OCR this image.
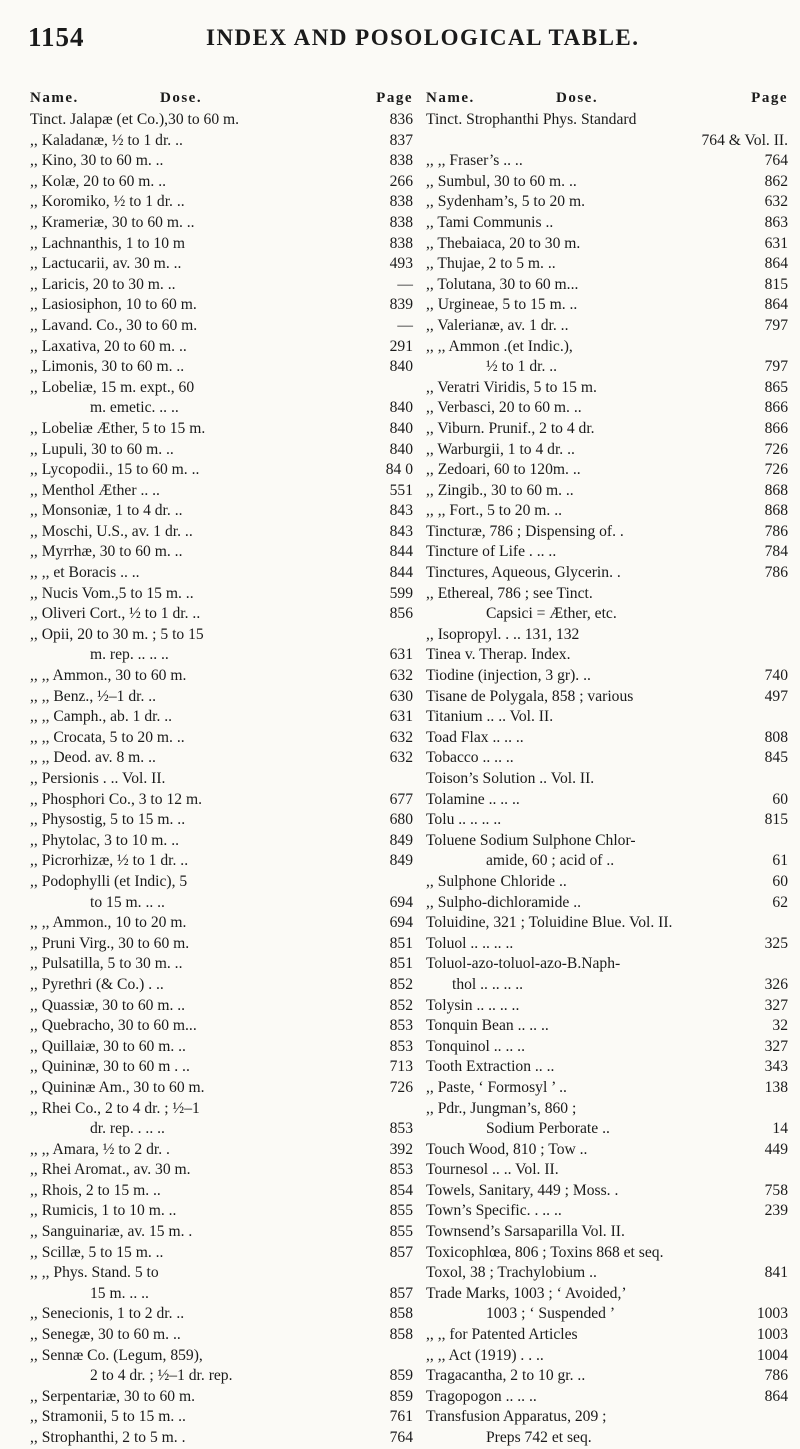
1154	INDEX AND POSOLOGICAL TABLE.
Name.	Dose.	Page
Tinct. Jalapæ (et Co.),30 to 60 m.	836
,, Kaladanæ, ½ to 1 dr. ..	837
,, Kino, 30 to 60 m. ..	838
,, Kolæ, 20 to 60 m. ..	266
,, Koromiko, ½ to 1 dr. ..	838
,, Krameriæ, 30 to 60 m. ..	838
,, Lachnanthis, 1 to 10 m	838
,, Lactucarii, av. 30 m. ..	493
,, Laricis, 20 to 30 m. ..	—
,, Lasiosiphon, 10 to 60 m.	839
,, Lavand. Co., 30 to 60 m.	—
,, Laxativa, 20 to 60 m. ..	291
,, Limonis, 30 to 60 m. ..	840
,, Lobeliæ, 15 m. expt., 60
m. emetic. .. ..	840
,, Lobeliæ Æther, 5 to 15 m.	840
,, Lupuli, 30 to 60 m. ..	840
,, Lycopodii., 15 to 60 m. ..	84 0
,, Menthol Æther .. ..	551
,, Monsoniæ, 1 to 4 dr. ..	843
,, Moschi, U.S., av. 1 dr. ..	843
,, Myrrhæ, 30 to 60 m. ..	844
,, ,, et Boracis .. ..	844
,, Nucis Vom.,5 to 15 m. ..	599
,, Oliveri Cort., ½ to 1 dr. ..	856
,, Opii, 20 to 30 m. ; 5 to 15
m. rep. .. .. ..	631
,, ,, Ammon., 30 to 60 m.	632
,, ,, Benz., ½–1 dr. ..	630
,, ,, Camph., ab. 1 dr. ..	631
,, ,, Crocata, 5 to 20 m. ..	632
,, ,, Deod. av. 8 m. ..	632
,, Persionis . .. Vol. II.
,, Phosphori Co., 3 to 12 m.	677
,, Physostig, 5 to 15 m. ..	680
,, Phytolac, 3 to 10 m. ..	849
,, Picrorhizæ, ½ to 1 dr. ..	849
,, Podophylli (et Indic), 5
to 15 m. .. ..	694
,, ,, Ammon., 10 to 20 m.	694
,, Pruni Virg., 30 to 60 m.	851
,, Pulsatilla, 5 to 30 m. ..	851
,, Pyrethri (& Co.) . ..	852
,, Quassiæ, 30 to 60 m. ..	852
,, Quebracho, 30 to 60 m...	853
,, Quillaiæ, 30 to 60 m. ..	853
,, Quininæ, 30 to 60 m . ..	713
,, Quininæ Am., 30 to 60 m.	726
,, Rhei Co., 2 to 4 dr. ; ½–1
dr. rep. . .. ..	853
,, ,, Amara, ½ to 2 dr. .	392
,, Rhei Aromat., av. 30 m.	853
,, Rhois, 2 to 15 m. ..	854
,, Rumicis, 1 to 10 m. ..	855
,, Sanguinariæ, av. 15 m. .	855
,, Scillæ, 5 to 15 m. ..	857
,, ,, Phys. Stand. 5 to
15 m. .. ..	857
,, Senecionis, 1 to 2 dr. ..	858
,, Senegæ, 30 to 60 m. ..	858
,, Sennæ Co. (Legum, 859),
2 to 4 dr. ; ½–1 dr. rep.	859
,, Serpentariæ, 30 to 60 m.	859
,, Stramonii, 5 to 15 m. ..	761
,, Strophanthi, 2 to 5 m. .	764
Name.	Dose.	Page
Tinct. Strophanthi Phys. Standard
764 & Vol. II.
,, ,, Fraser’s .. ..	764
,, Sumbul, 30 to 60 m. ..	862
,, Sydenham’s, 5 to 20 m.	632
,, Tami Communis ..	863
,, Thebaiaca, 20 to 30 m.	631
,, Thujae, 2 to 5 m. ..	864
,, Tolutana, 30 to 60 m...	815
,, Urgineae, 5 to 15 m. ..	864
,, Valerianæ, av. 1 dr. ..	797
,, ,, Ammon .(et Indic.),
½ to 1 dr. ..	797
,, Veratri Viridis, 5 to 15 m.	865
,, Verbasci, 20 to 60 m. ..	866
,, Viburn. Prunif., 2 to 4 dr.	866
,, Warburgii, 1 to 4 dr. ..	726
,, Zedoari, 60 to 120m. ..	726
,, Zingib., 30 to 60 m. ..	868
,, ,, Fort., 5 to 20 m. ..	868
Tincturæ, 786 ; Dispensing of. .	786
Tincture of Life . .. ..	784
Tinctures, Aqueous, Glycerin. .	786
,, Ethereal, 786 ; see Tinct.
Capsici = Æther, etc.
,, Isopropyl. . .. 131, 132
Tinea v. Therap. Index.
Tiodine (injection, 3 gr). ..	740
Tisane de Polygala, 858 ; various	497
Titanium .. .. Vol. II.
Toad Flax .. .. ..	808
Tobacco .. .. ..	845
Toison’s Solution .. Vol. II.
Tolamine .. .. ..	60
Tolu .. .. .. ..	815
Toluene Sodium Sulphone Chlor-
amide, 60 ; acid of ..	61
,, Sulphone Chloride ..	60
,, Sulpho-dichloramide ..	62
Toluidine, 321 ; Toluidine Blue. Vol. II.
Toluol .. .. .. ..	325
Toluol-azo-toluol-azo-B.Naph-
thol .. .. .. ..	326
Tolysin .. .. .. ..	327
Tonquin Bean .. .. ..	32
Tonquinol .. .. ..	327
Tooth Extraction .. ..	343
,, Paste, ‘ Formosyl ’ ..	138
,, Pdr., Jungman’s, 860 ;
Sodium Perborate ..	14
Touch Wood, 810 ; Tow ..	449
Tournesol .. .. Vol. II.
Towels, Sanitary, 449 ; Moss. .	758
Town’s Specific. . .. ..	239
Townsend’s Sarsaparilla Vol. II.
Toxicophlœa, 806 ; Toxins 868 et seq.
Toxol, 38 ; Trachylobium ..	841
Trade Marks, 1003 ; ‘ Avoided,’
1003 ; ‘ Suspended ’	1003
,, ,, for Patented Articles	1003
,, ,, Act (1919) . . ..	1004
Tragacantha, 2 to 10 gr. ..	786
Tragopogon .. .. ..	864
Transfusion Apparatus, 209 ;
Preps 742 et seq.
